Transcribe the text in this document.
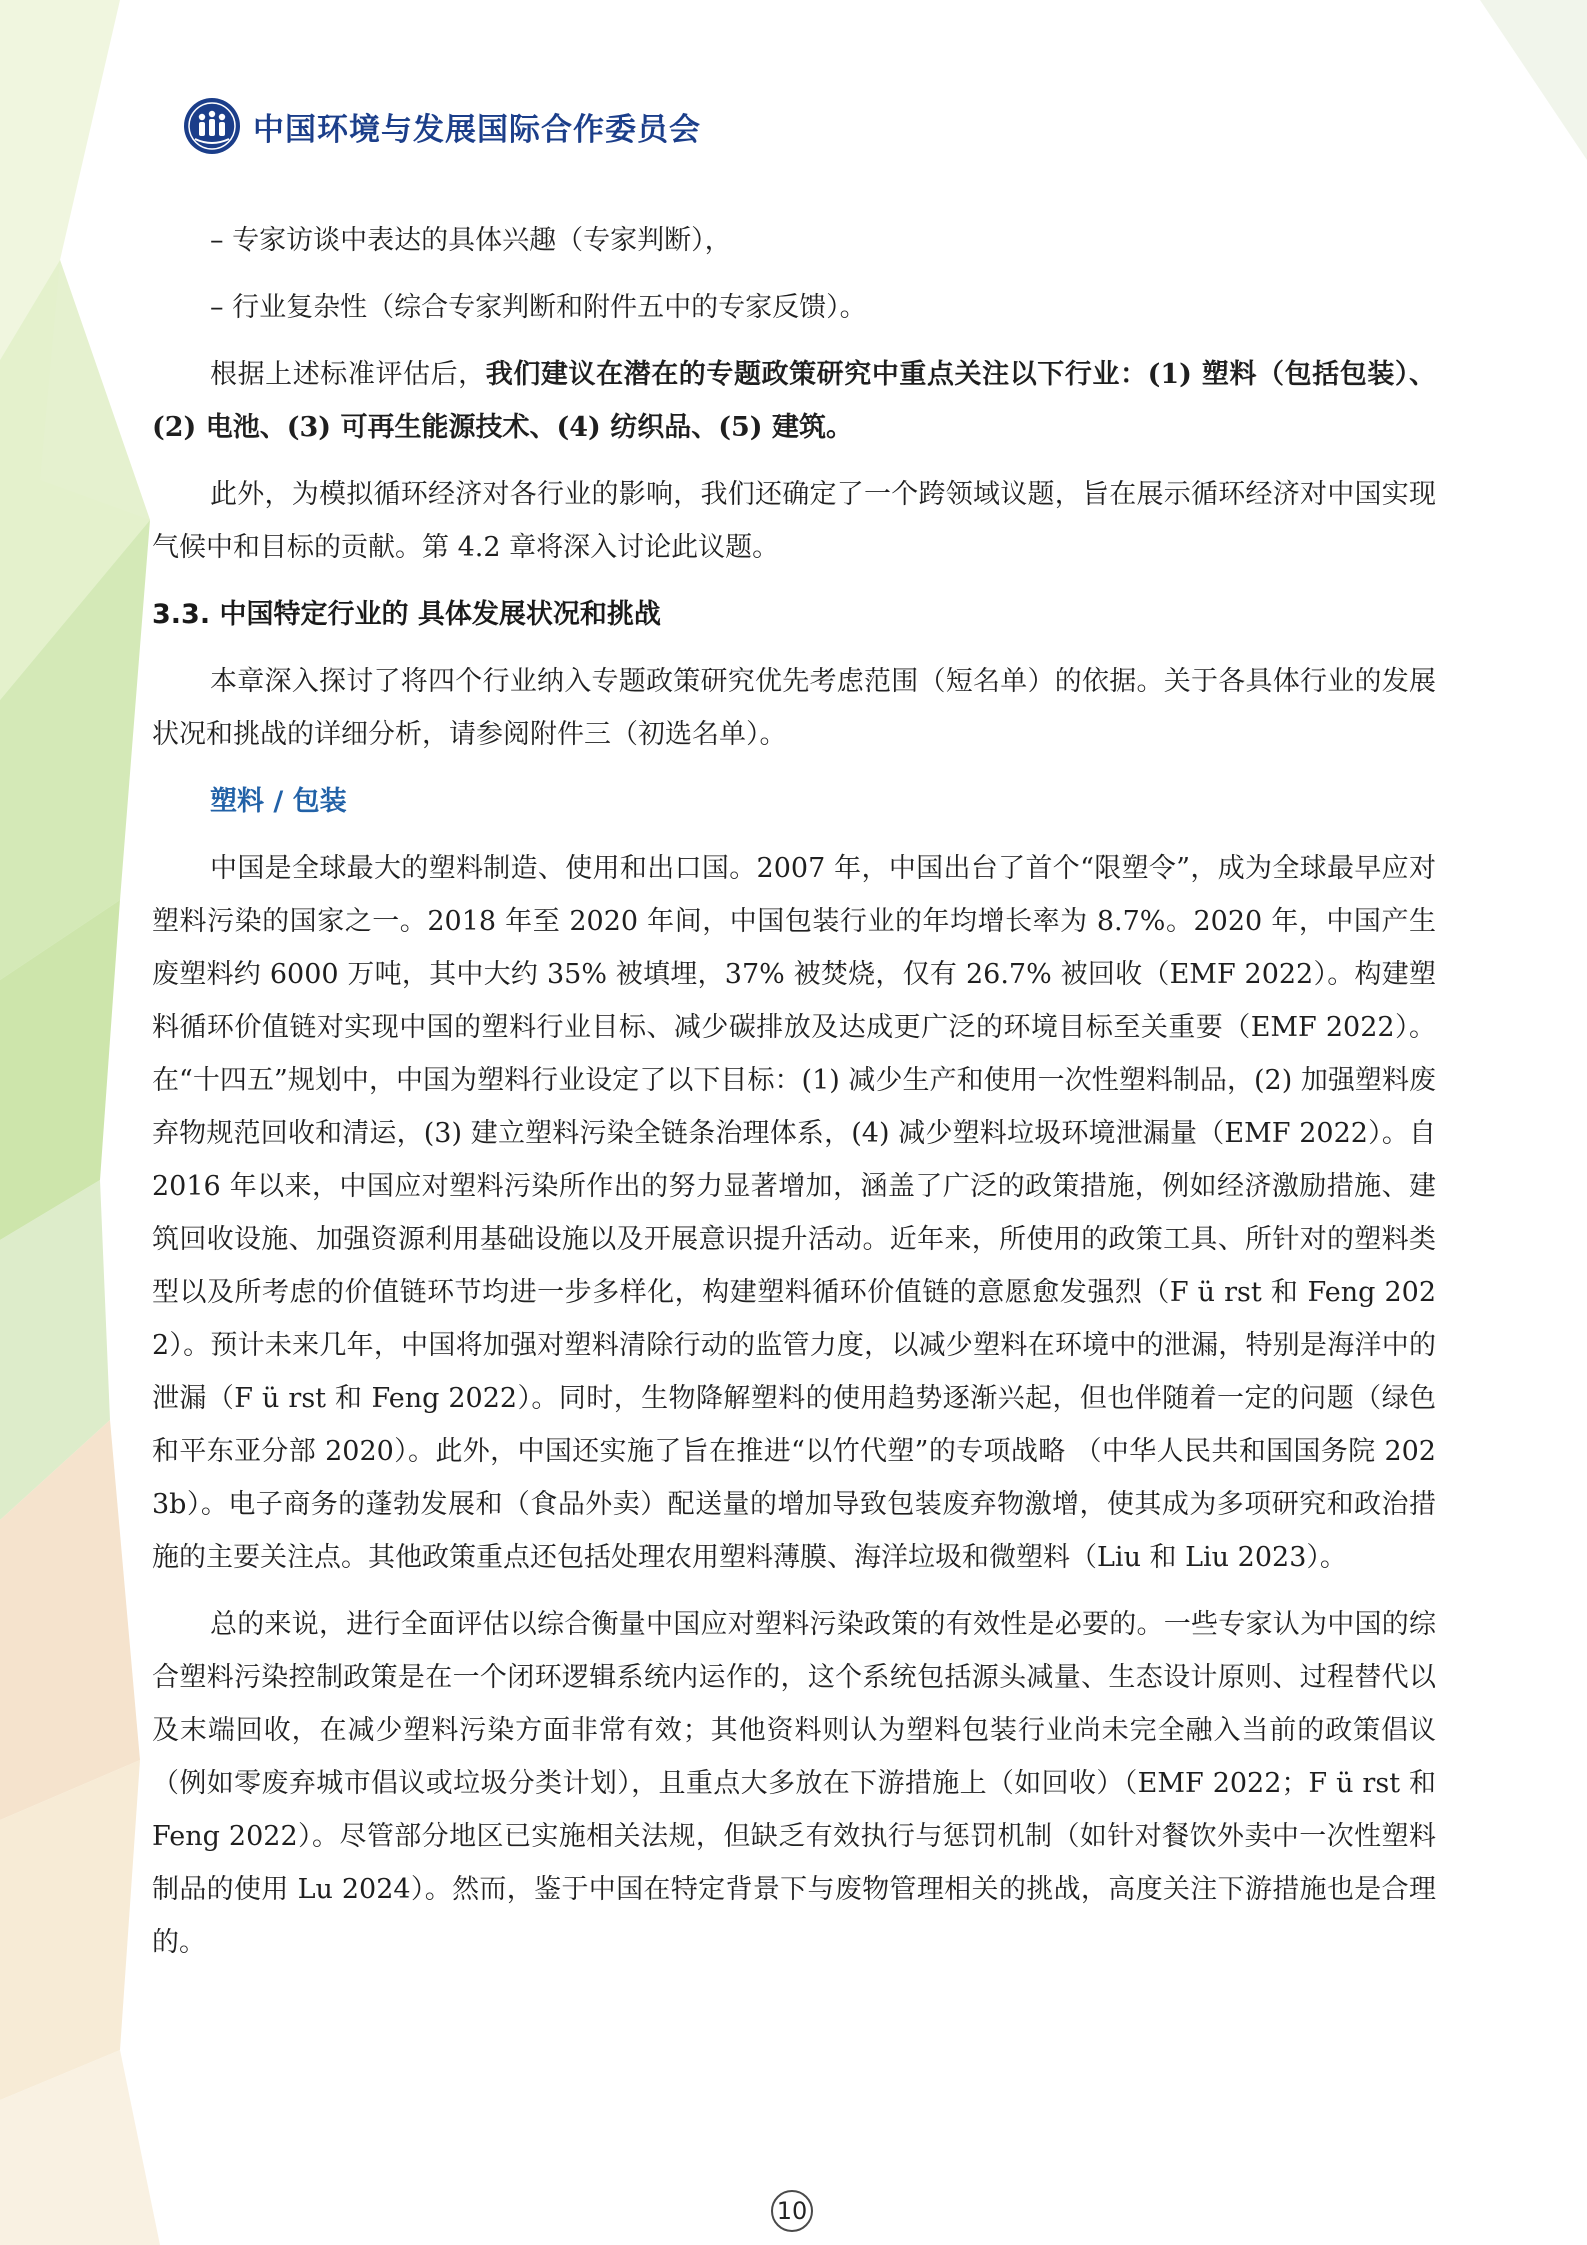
中国环境与发展国际合作委员会

– 专家访谈中表达的具体兴趣（专家判断），

– 行业复杂性（综合专家判断和附件五中的专家反馈）。

根据上述标准评估后，我们建议在潜在的专题政策研究中重点关注以下行业：(1) 塑料（包括包装）、(2) 电池、(3) 可再生能源技术、(4) 纺织品、(5) 建筑。

此外，为模拟循环经济对各行业的影响，我们还确定了一个跨领域议题，旨在展示循环经济对中国实现气候中和目标的贡献。第 4.2 章将深入讨论此议题。

3.3. 中国特定行业的 具体发展状况和挑战

本章深入探讨了将四个行业纳入专题政策研究优先考虑范围（短名单）的依据。关于各具体行业的发展状况和挑战的详细分析，请参阅附件三（初选名单）。

塑料 / 包装

中国是全球最大的塑料制造、使用和出口国。2007 年，中国出台了首个“限塑令”，成为全球最早应对塑料污染的国家之一。2018 年至 2020 年间，中国包装行业的年均增长率为 8.7%。2020 年，中国产生废塑料约 6000 万吨，其中大约 35% 被填埋，37% 被焚烧，仅有 26.7% 被回收（EMF 2022）。构建塑料循环价值链对实现中国的塑料行业目标、减少碳排放及达成更广泛的环境目标至关重要（EMF 2022）。在“十四五”规划中，中国为塑料行业设定了以下目标：(1) 减少生产和使用一次性塑料制品，(2) 加强塑料废弃物规范回收和清运，(3) 建立塑料污染全链条治理体系，(4) 减少塑料垃圾环境泄漏量（EMF 2022）。自 2016 年以来，中国应对塑料污染所作出的努力显著增加，涵盖了广泛的政策措施，例如经济激励措施、建筑回收设施、加强资源利用基础设施以及开展意识提升活动。近年来，所使用的政策工具、所针对的塑料类型以及所考虑的价值链环节均进一步多样化，构建塑料循环价值链的意愿愈发强烈（F ü rst 和 Feng 2022）。预计未来几年，中国将加强对塑料清除行动的监管力度，以减少塑料在环境中的泄漏，特别是海洋中的泄漏（F ü rst 和 Feng 2022）。同时，生物降解塑料的使用趋势逐渐兴起，但也伴随着一定的问题（绿色和平东亚分部 2020）。此外，中国还实施了旨在推进“以竹代塑”的专项战略 （中华人民共和国国务院 2023b）。电子商务的蓬勃发展和（食品外卖）配送量的增加导致包装废弃物激增，使其成为多项研究和政治措施的主要关注点。其他政策重点还包括处理农用塑料薄膜、海洋垃圾和微塑料（Liu 和 Liu 2023）。

总的来说，进行全面评估以综合衡量中国应对塑料污染政策的有效性是必要的。一些专家认为中国的综合塑料污染控制政策是在一个闭环逻辑系统内运作的，这个系统包括源头减量、生态设计原则、过程替代以及末端回收，在减少塑料污染方面非常有效；其他资料则认为塑料包装行业尚未完全融入当前的政策倡议（例如零废弃城市倡议或垃圾分类计划），且重点大多放在下游措施上（如回收）（EMF 2022；F ü rst 和 Feng 2022）。尽管部分地区已实施相关法规，但缺乏有效执行与惩罚机制（如针对餐饮外卖中一次性塑料制品的使用 Lu 2024）。然而，鉴于中国在特定背景下与废物管理相关的挑战，高度关注下游措施也是合理的。

10
